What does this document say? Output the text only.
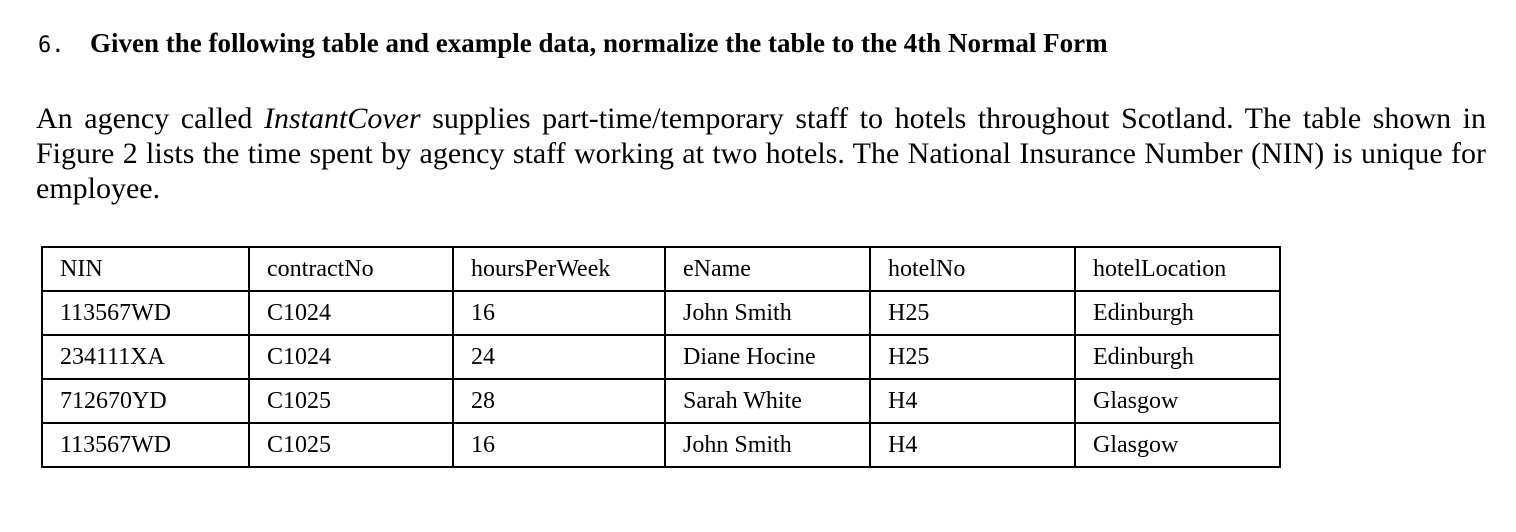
6. Given the following table and example data, normalize the table to the 4th Normal Form
An agency called InstantCover supplies part-time/temporary staff to hotels throughout Scotland. The table shown in Figure 2 lists the time spent by agency staff working at two hotels. The National Insurance Number (NIN) is unique for employee.
NIN	contractNo	hoursPerWeek	eName	hotelNo	hotelLocation
113567WD	C1024	16	John Smith	H25	Edinburgh
234111XA	C1024	24	Diane Hocine	H25	Edinburgh
712670YD	C1025	28	Sarah White	H4	Glasgow
113567WD	C1025	16	John Smith	H4	Glasgow
